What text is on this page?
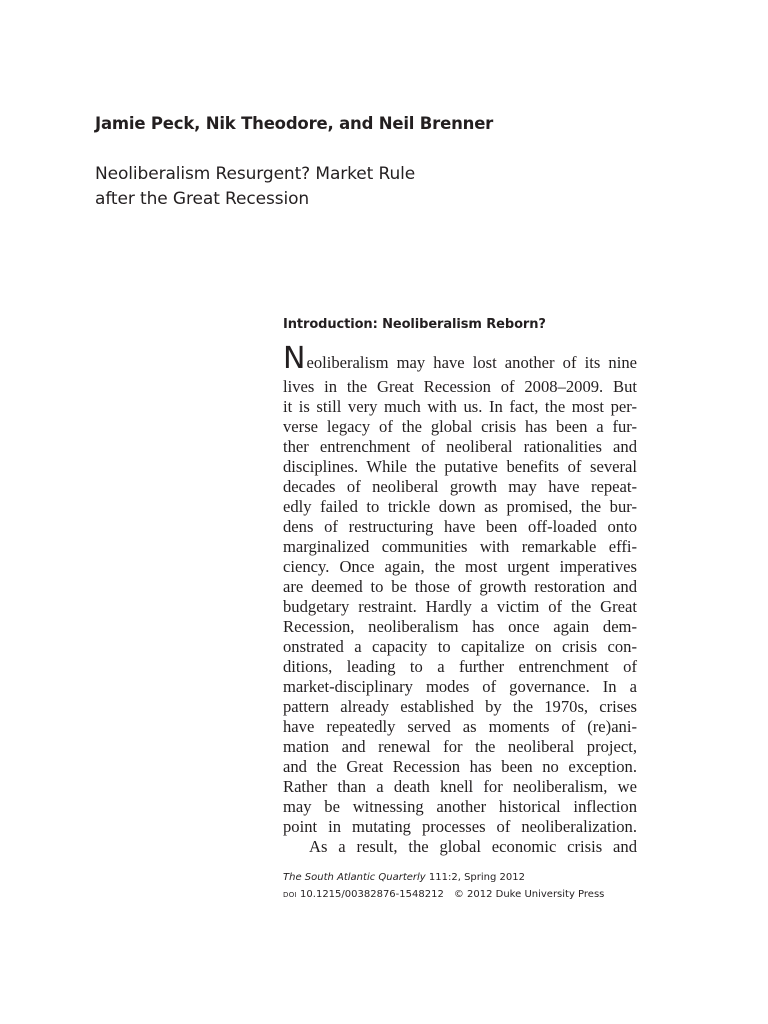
Jamie Peck, Nik Theodore, and Neil Brenner
Neoliberalism Resurgent? Market Rule
after the Great Recession
Introduction: Neoliberalism Reborn?
Neoliberalism may have lost another of its nine
lives in the Great Recession of 2008–2009. But
it is still very much with us. In fact, the most per-
verse legacy of the global crisis has been a fur-
ther entrenchment of neoliberal rationalities and
disciplines. While the putative benefits of several
decades of neoliberal growth may have repeat-
edly failed to trickle down as promised, the bur-
dens of restructuring have been off-loaded onto
marginalized communities with remarkable effi-
ciency. Once again, the most urgent imperatives
are deemed to be those of growth restoration and
budgetary restraint. Hardly a victim of the Great
Recession, neoliberalism has once again dem-
onstrated a capacity to capitalize on crisis con-
ditions, leading to a further entrenchment of
market-disciplinary modes of governance. In a
pattern already established by the 1970s, crises
have repeatedly served as moments of (re)ani-
mation and renewal for the neoliberal project,
and the Great Recession has been no exception.
Rather than a death knell for neoliberalism, we
may be witnessing another historical inflection
point in mutating processes of neoliberalization.
As a result, the global economic crisis and
The South Atlantic Quarterly 111:2, Spring 2012
doi 10.1215/00382876-1548212 © 2012 Duke University Press
